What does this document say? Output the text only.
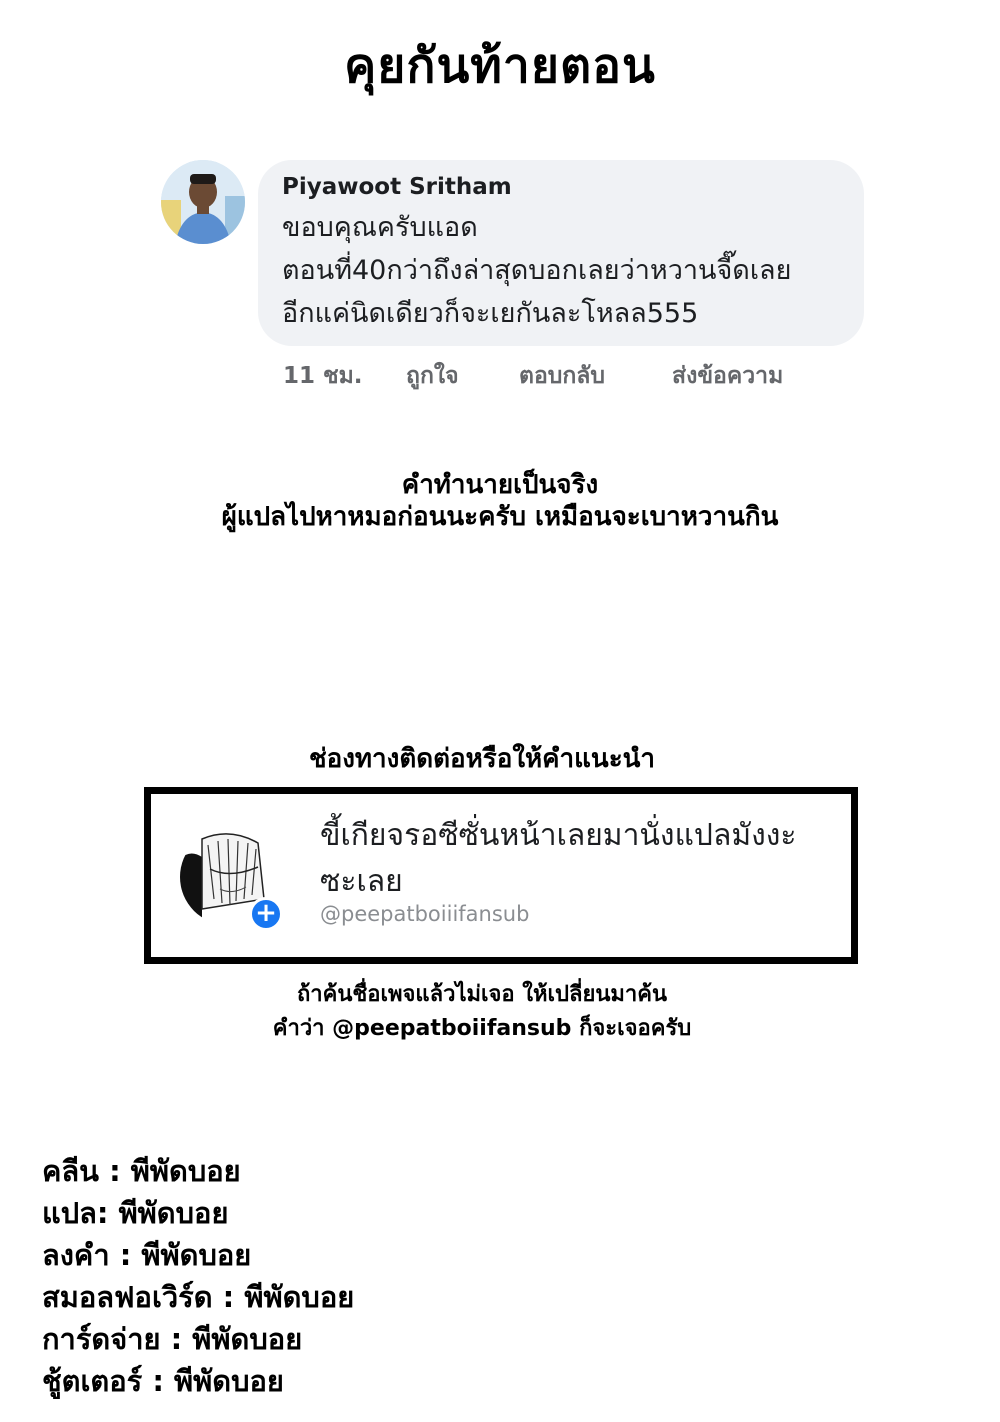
คุยกันท้ายตอน
Piyawoot Sritham
ขอบคุณครับแอด
ตอนที่40กว่าถึงล่าสุดบอกเลยว่าหวานจี๊ดเลย
อีกแค่นิดเดียวก็จะเยกันละโหลล555
11 ชม. ถูกใจ	ตอบกลับ	ส่งข้อความ
คำทำนายเป็นจริง
ผู้แปลไปหาหมอก่อนนะครับ เหมือนจะเบาหวานกิน
ช่องทางติดต่อหรือให้คำแนะนำ
+
ขี้เกียจรอซีซั่นหน้าเลยมานั่งแปลมังงะ
ซะเลย
@peepatboiiifansub
ถ้าค้นชื่อเพจแล้วไม่เจอ ให้เปลี่ยนมาค้น
คำว่า @peepatboiifansub ก็จะเจอครับ
คลีน : พีพัดบอย
แปล: พีพัดบอย
ลงคำ : พีพัดบอย
สมอลฟอเวิร์ด : พีพัดบอย
การ์ดจ่าย : พีพัดบอย
ชู้ตเตอร์ : พีพัดบอย
